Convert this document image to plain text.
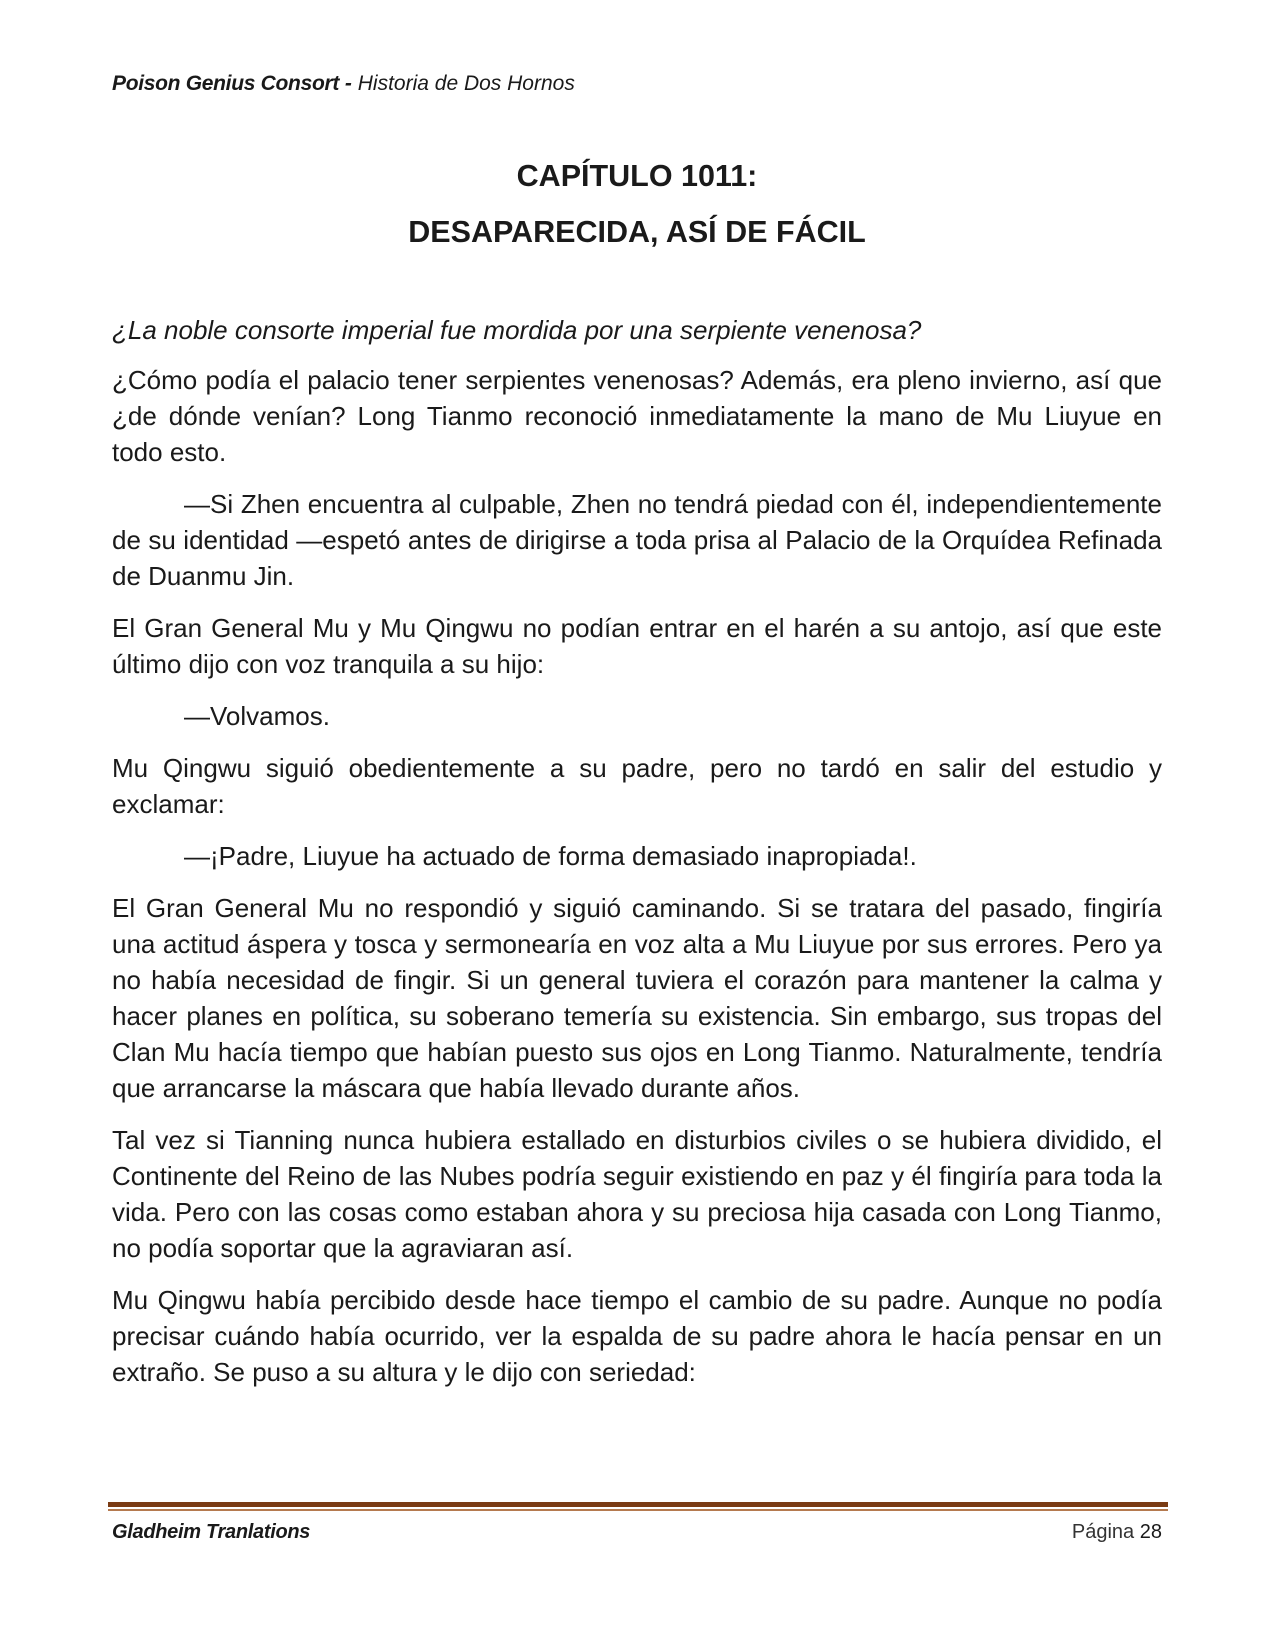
Poison Genius Consort - Historia de Dos Hornos
CAPÍTULO 1011:
DESAPARECIDA, ASÍ DE FÁCIL

¿La noble consorte imperial fue mordida por una serpiente venenosa?

¿Cómo podía el palacio tener serpientes venenosas? Además, era pleno invierno, así que ¿de dónde venían? Long Tianmo reconoció inmediatamente la mano de Mu Liuyue en todo esto.

—Si Zhen encuentra al culpable, Zhen no tendrá piedad con él, independientemente de su identidad —espetó antes de dirigirse a toda prisa al Palacio de la Orquídea Refinada de Duanmu Jin.

El Gran General Mu y Mu Qingwu no podían entrar en el harén a su antojo, así que este último dijo con voz tranquila a su hijo:

—Volvamos.

Mu Qingwu siguió obedientemente a su padre, pero no tardó en salir del estudio y exclamar:

—¡Padre, Liuyue ha actuado de forma demasiado inapropiada!.

El Gran General Mu no respondió y siguió caminando. Si se tratara del pasado, fingiría una actitud áspera y tosca y sermonearía en voz alta a Mu Liuyue por sus errores. Pero ya no había necesidad de fingir. Si un general tuviera el corazón para mantener la calma y hacer planes en política, su soberano temería su existencia. Sin embargo, sus tropas del Clan Mu hacía tiempo que habían puesto sus ojos en Long Tianmo. Naturalmente, tendría que arrancarse la máscara que había llevado durante años.

Tal vez si Tianning nunca hubiera estallado en disturbios civiles o se hubiera dividido, el Continente del Reino de las Nubes podría seguir existiendo en paz y él fingiría para toda la vida. Pero con las cosas como estaban ahora y su preciosa hija casada con Long Tianmo, no podía soportar que la agraviaran así.

Mu Qingwu había percibido desde hace tiempo el cambio de su padre. Aunque no podía precisar cuándo había ocurrido, ver la espalda de su padre ahora le hacía pensar en un extraño. Se puso a su altura y le dijo con seriedad:

Gladheim Tranlations	Página 28
